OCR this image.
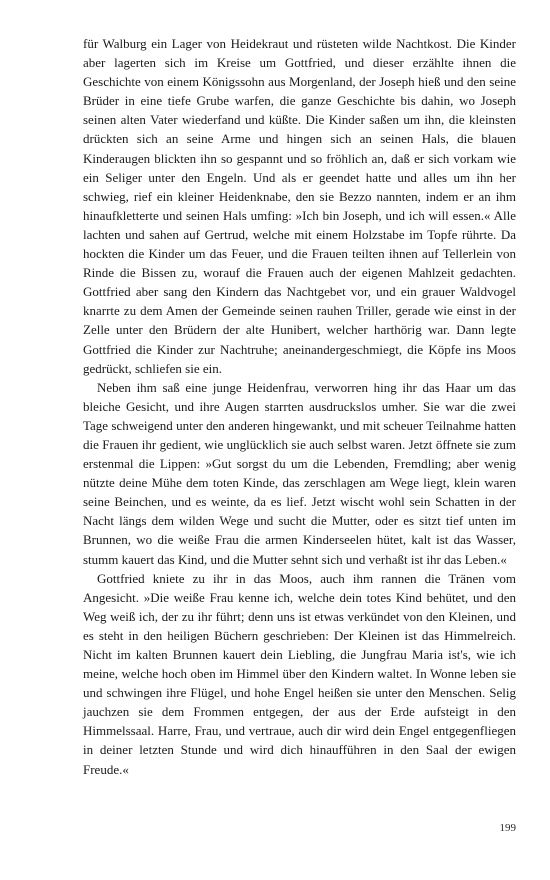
für Walburg ein Lager von Heidekraut und rüsteten wilde Nachtkost. Die Kinder aber lagerten sich im Kreise um Gottfried, und dieser erzählte ihnen die Geschichte von einem Königssohn aus Morgenland, der Joseph hieß und den seine Brüder in eine tiefe Grube warfen, die ganze Geschichte bis dahin, wo Joseph seinen alten Vater wiederfand und küßte. Die Kinder saßen um ihn, die kleinsten drückten sich an seine Arme und hingen sich an seinen Hals, die blauen Kinderaugen blickten ihn so gespannt und so fröhlich an, daß er sich vorkam wie ein Seliger unter den Engeln. Und als er geendet hatte und alles um ihn her schwieg, rief ein kleiner Heidenknabe, den sie Bezzo nannten, indem er an ihm hinaufkletterte und seinen Hals umfing: »Ich bin Joseph, und ich will essen.« Alle lachten und sahen auf Gertrud, welche mit einem Holzstabe im Topfe rührte. Da hockten die Kinder um das Feuer, und die Frauen teilten ihnen auf Tellerlein von Rinde die Bissen zu, worauf die Frauen auch der eigenen Mahlzeit gedachten. Gottfried aber sang den Kindern das Nachtgebet vor, und ein grauer Waldvogel knarrte zu dem Amen der Gemeinde seinen rauhen Triller, gerade wie einst in der Zelle unter den Brüdern der alte Hunibert, welcher harthörig war. Dann legte Gottfried die Kinder zur Nachtruhe; aneinandergeschmiegt, die Köpfe ins Moos gedrückt, schliefen sie ein.

Neben ihm saß eine junge Heidenfrau, verworren hing ihr das Haar um das bleiche Gesicht, und ihre Augen starrten ausdruckslos umher. Sie war die zwei Tage schweigend unter den anderen hingewankt, und mit scheuer Teilnahme hatten die Frauen ihr gedient, wie unglücklich sie auch selbst waren. Jetzt öffnete sie zum erstenmal die Lippen: »Gut sorgst du um die Lebenden, Fremdling; aber wenig nützte deine Mühe dem toten Kinde, das zerschlagen am Wege liegt, klein waren seine Beinchen, und es weinte, da es lief. Jetzt wischt wohl sein Schatten in der Nacht längs dem wilden Wege und sucht die Mutter, oder es sitzt tief unten im Brunnen, wo die weiße Frau die armen Kinderseelen hütet, kalt ist das Wasser, stumm kauert das Kind, und die Mutter sehnt sich und verhaßt ist ihr das Leben.«

Gottfried kniete zu ihr in das Moos, auch ihm rannen die Tränen vom Angesicht. »Die weiße Frau kenne ich, welche dein totes Kind behütet, und den Weg weiß ich, der zu ihr führt; denn uns ist etwas verkündet von den Kleinen, und es steht in den heiligen Büchern geschrieben: Der Kleinen ist das Himmelreich. Nicht im kalten Brunnen kauert dein Liebling, die Jungfrau Maria ist's, wie ich meine, welche hoch oben im Himmel über den Kindern waltet. In Wonne leben sie und schwingen ihre Flügel, und hohe Engel heißen sie unter den Menschen. Selig jauchzen sie dem Frommen entgegen, der aus der Erde aufsteigt in den Himmelssaal. Harre, Frau, und vertraue, auch dir wird dein Engel entgegenfliegen in deiner letzten Stunde und wird dich hinaufführen in den Saal der ewigen Freude.«

199
